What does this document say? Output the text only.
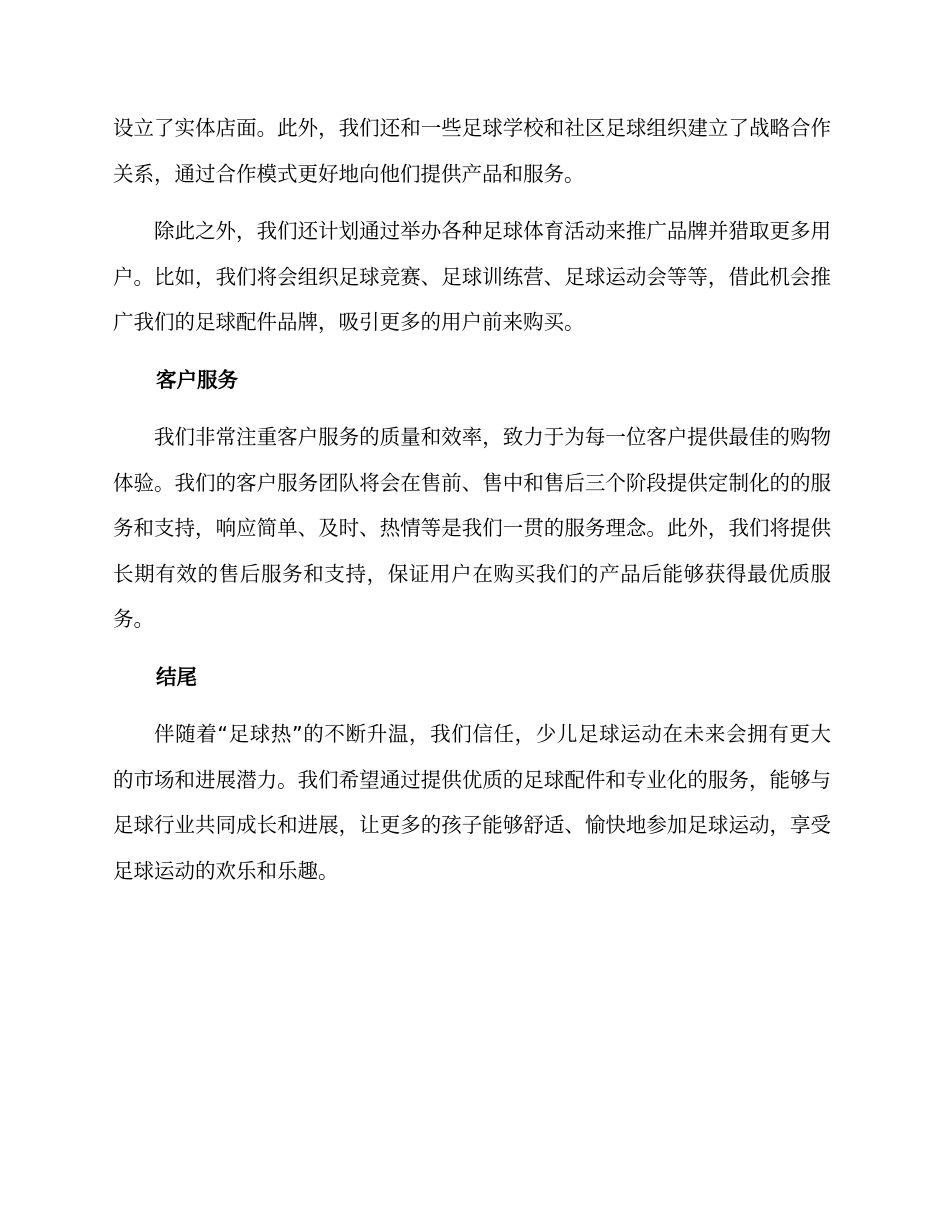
设立了实体店面。此外，我们还和一些足球学校和社区足球组织建立了战略合作关系，通过合作模式更好地向他们提供产品和服务。

除此之外，我们还计划通过举办各种足球体育活动来推广品牌并猎取更多用户。比如，我们将会组织足球竞赛、足球训练营、足球运动会等等，借此机会推广我们的足球配件品牌，吸引更多的用户前来购买。

客户服务

我们非常注重客户服务的质量和效率，致力于为每一位客户提供最佳的购物体验。我们的客户服务团队将会在售前、售中和售后三个阶段提供定制化的的服务和支持，响应简单、及时、热情等是我们一贯的服务理念。此外，我们将提供长期有效的售后服务和支持，保证用户在购买我们的产品后能够获得最优质服务。

结尾

伴随着“足球热”的不断升温，我们信任，少儿足球运动在未来会拥有更大的市场和进展潜力。我们希望通过提供优质的足球配件和专业化的服务，能够与足球行业共同成长和进展，让更多的孩子能够舒适、愉快地参加足球运动，享受足球运动的欢乐和乐趣。
